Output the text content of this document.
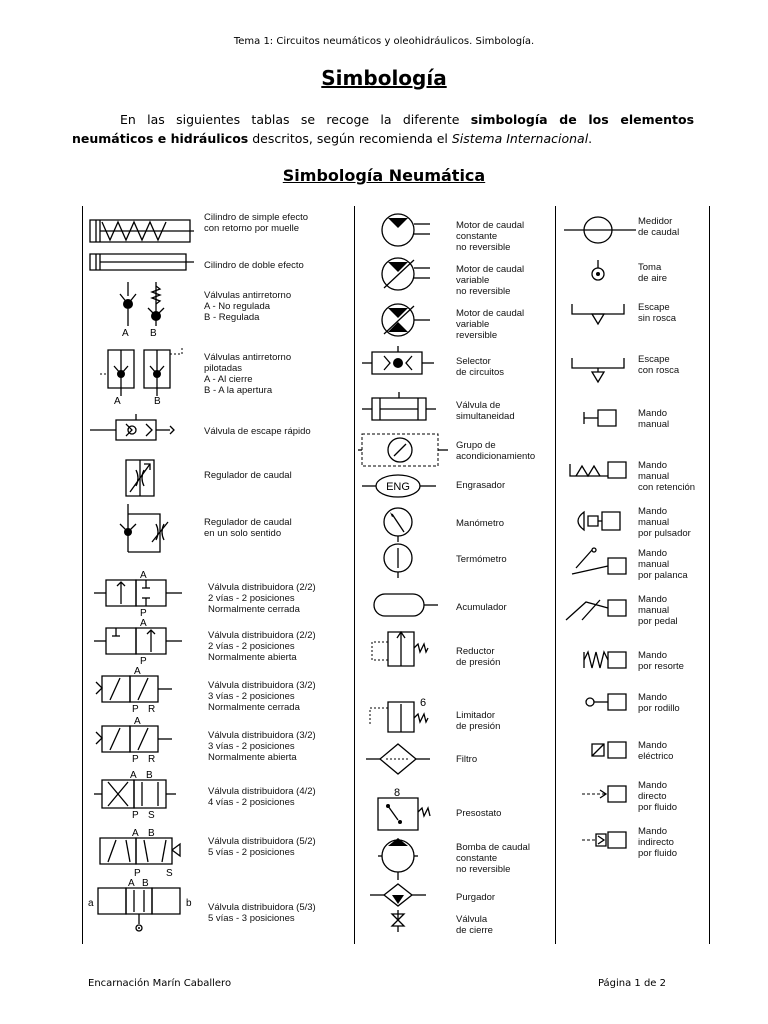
Tema 1: Circuitos neumáticos y oleohidráulicos. Simbología.
Simbología
En las siguientes tablas se recoge la diferente simbología de los elementos neumáticos e hidráulicos descritos, según recomienda el Sistema Internacional.
Simbología Neumática
Cilindro de simple efecto
con retorno por muelle
Cilindro de doble efecto
A B
Válvulas antirretorno
A - No regulada
B - Regulada
A	B
Válvulas antirretorno
pilotadas
A - Al cierre
B - A la apertura
Válvula de escape rápido
Regulador de caudal
Regulador de caudal
en un solo sentido
A
P
Válvula distribuidora (2/2)
2 vías - 2 posiciones
Normalmente cerrada
A
P
Válvula distribuidora (2/2)
2 vías - 2 posiciones
Normalmente abierta
A
P R
Válvula distribuidora (3/2)
3 vías - 2 posiciones
Normalmente cerrada
A
P R
Válvula distribuidora (3/2)
3 vías - 2 posiciones
Normalmente abierta
A B
P S
Válvula distribuidora (4/2)
4 vías - 2 posiciones
A B
P	S
Válvula distribuidora (5/2)
5 vías - 2 posiciones
a	b
A B
Válvula distribuidora (5/3)
5 vías - 3 posiciones
Motor de caudal
constante
no reversible
Motor de caudal
variable
no reversible
Motor de caudal
variable
reversible
Selector
de circuitos
Válvula de
simultaneidad
Grupo de
acondicionamiento
ENG	Engrasador
Manómetro
Termómetro
Acumulador
Reductor
de presión
6
Limitador
de presión
Filtro
8
Presostato
Bomba de caudal
constante
no reversible
Purgador
Válvula
de cierre
Medidor
de caudal
Toma
de aire
Escape
sin rosca
Escape
con rosca
Mando
manual
Mando
manual
con retención
Mando
manual
por pulsador
Mando
manual
por palanca
Mando
manual
por pedal
Mando
por resorte
Mando
por rodillo
Mando
eléctrico
Mando
directo
por fluido
Mando
indirecto
por fluido
Encarnación Marín Caballero	Página 1 de 2
